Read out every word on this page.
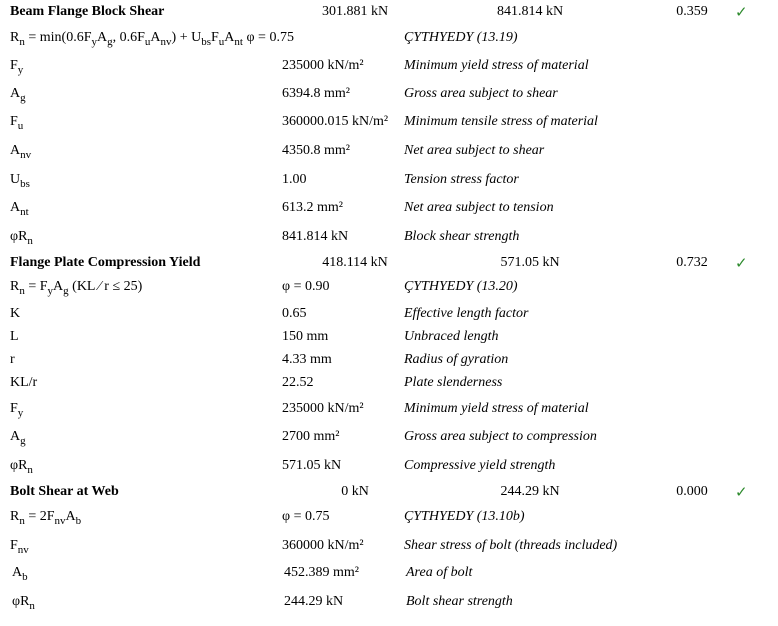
Beam Flange Block Shear	301.881 kN	841.814 kN	0.359	✓
$R_n = \min(0.6F_yA_g$, $0.6F_uA_{nv}) + U_{bs}F_uA_{nt}$ φ = 0.75	ÇYTHYEDY (13.19)
$F_y$	235000 kN/m²	Minimum yield stress of material
$A_g$	6394.8 mm²	Gross area subject to shear
$F_u$	360000.015 kN/m² Minimum tensile stress of material
$A_{nv}$	4350.8 mm²	Net area subject to shear
$U_{bs}$	1.00	Tension stress factor
$A_{nt}$	613.2 mm²	Net area subject to tension
$\varphi R_n$	841.814 kN	Block shear strength
Flange Plate Compression Yield	418.114 kN	571.05 kN	0.732	✓
$R_n = F_yA_g$ (KL ⁄ r ≤ 25)	φ = 0.90	ÇYTHYEDY (13.20)
K	0.65	Effective length factor
L	150 mm	Unbraced length
r	4.33 mm	Radius of gyration
KL/r	22.52	Plate slenderness
$F_y$	235000 kN/m²	Minimum yield stress of material
$A_g$	2700 mm²	Gross area subject to compression
$\varphi R_n$	571.05 kN	Compressive yield strength
Bolt Shear at Web	0 kN	244.29 kN	0.000	✓
$R_n = 2F_{nv}A_b$	φ = 0.75	ÇYTHYEDY (13.10b)
$F_{nv}$	360000 kN/m²	Shear stress of bolt (threads included)
$A_b$	452.389 mm²	Area of bolt
$\varphi R_n$	244.29 kN	Bolt shear strength
